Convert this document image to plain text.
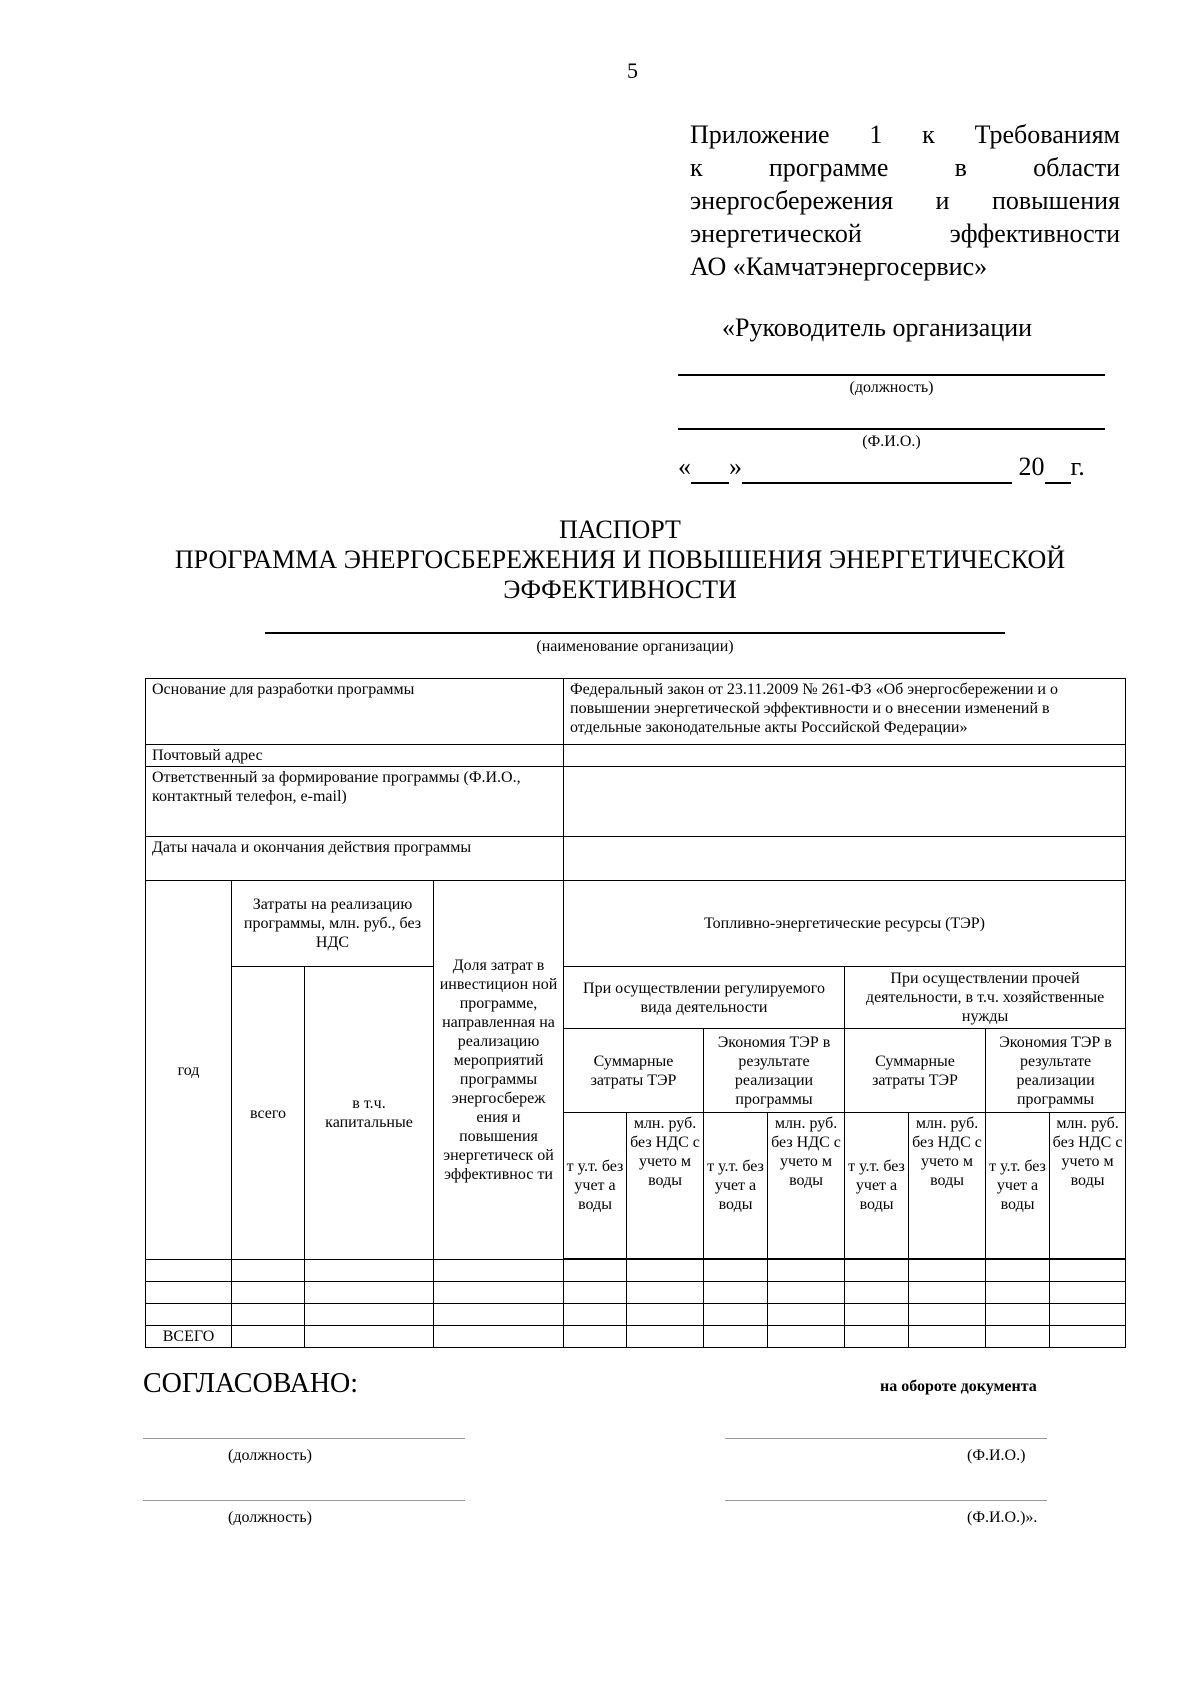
5
Приложение 1 к Требованиям
к программе в области
энергосбережения и повышения
энергетической эффективности
АО «Камчатэнергосервис»
«Руководитель организации
(должность)
(Ф.И.О.)
« »	20 г.
ПАСПОРТ
ПРОГРАММА ЭНЕРГОСБЕРЕЖЕНИЯ И ПОВЫШЕНИЯ ЭНЕРГЕТИЧЕСКОЙ
ЭФФЕКТИВНОСТИ
(наименование организации)
Основание для разработки программы				Федеральный закон от 23.11.2009 № 261-ФЗ «Об энергосбережении и о повышении энергетической эффективности и о внесении изменений в отдельные законодательные акты Российской Федерации»							
Почтовый адрес											
Ответственный за формирование программы (Ф.И.О., контактный телефон, e-mail)											
Даты начала и окончания действия программы											
год	Затраты на реализацию программы, млн. руб., без НДС		Доля затрат в инвестицион ной программе, направленная на реализацию мероприятий программы энергосбереж ения и повышения энергетическ ой эффективнос ти	Топливно-энергетические ресурсы (ТЭР)							
	всего	в т.ч. капитальные		При осуществлении регулируемого вида деятельности				При осуществлении прочей деятельности, в т.ч. хозяйственные нужды			
				Суммарные затраты ТЭР		Экономия ТЭР в результате реализации программы		Суммарные затраты ТЭР		Экономия ТЭР в результате реализации программы	
				т у.т. без учет а воды	млн. руб. без НДС с учето м воды	т у.т. без учет а воды	млн. руб. без НДС с учето м воды	т у.т. без учет а воды	млн. руб. без НДС с учето м воды	т у.т. без учет а воды	млн. руб. без НДС с учето м воды

ВСЕГО											
СОГЛАСОВАНО:	на обороте документа
(должность)	(Ф.И.О.)
(должность)	(Ф.И.О.)».
